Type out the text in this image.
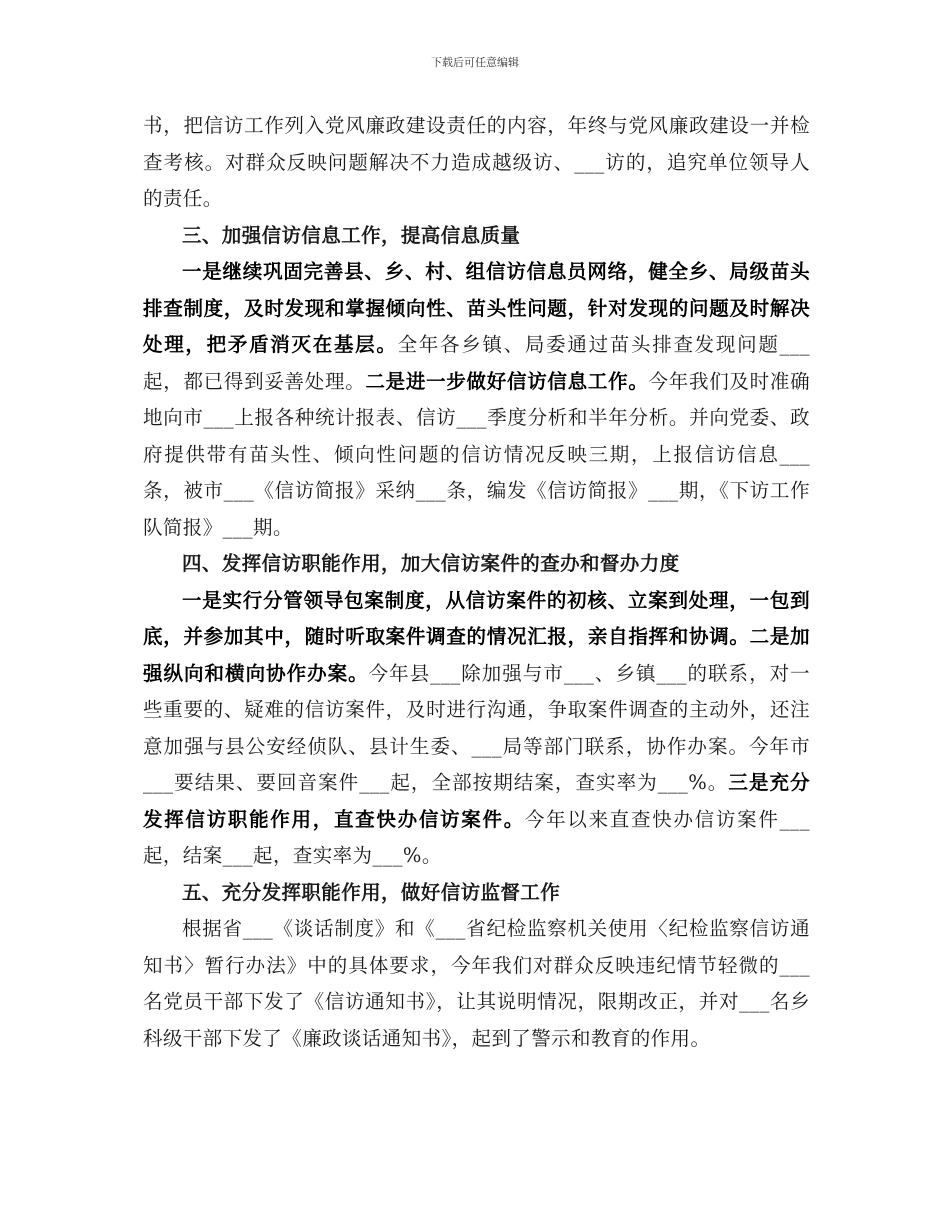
下载后可任意编辑

书，把信访工作列入党风廉政建设责任的内容，年终与党风廉政建设一并检查考核。对群众反映问题解决不力造成越级访、___访的，追究单位领导人的责任。

三、加强信访信息工作，提高信息质量

一是继续巩固完善县、乡、村、组信访信息员网络，健全乡、局级苗头排查制度，及时发现和掌握倾向性、苗头性问题，针对发现的问题及时解决处理，把矛盾消灭在基层。全年各乡镇、局委通过苗头排查发现问题___起，都已得到妥善处理。二是进一步做好信访信息工作。今年我们及时准确地向市___上报各种统计报表、信访___季度分析和半年分析。并向党委、政府提供带有苗头性、倾向性问题的信访情况反映三期，上报信访信息___条，被市___《信访简报》采纳___条，编发《信访简报》___期，《下访工作队简报》___期。

四、发挥信访职能作用，加大信访案件的查办和督办力度

一是实行分管领导包案制度，从信访案件的初核、立案到处理，一包到底，并参加其中，随时听取案件调查的情况汇报，亲自指挥和协调。二是加强纵向和横向协作办案。今年县___除加强与市___、乡镇___的联系，对一些重要的、疑难的信访案件，及时进行沟通，争取案件调查的主动外，还注意加强与县公安经侦队、县计生委、___局等部门联系，协作办案。今年市___要结果、要回音案件___起，全部按期结案，查实率为___%。三是充分发挥信访职能作用，直查快办信访案件。今年以来直查快办信访案件___起，结案___起，查实率为___%。

五、充分发挥职能作用，做好信访监督工作

根据省___《谈话制度》和《___省纪检监察机关使用〈纪检监察信访通知书〉暂行办法》中的具体要求，今年我们对群众反映违纪情节轻微的___名党员干部下发了《信访通知书》，让其说明情况，限期改正，并对___名乡科级干部下发了《廉政谈话通知书》，起到了警示和教育的作用。
